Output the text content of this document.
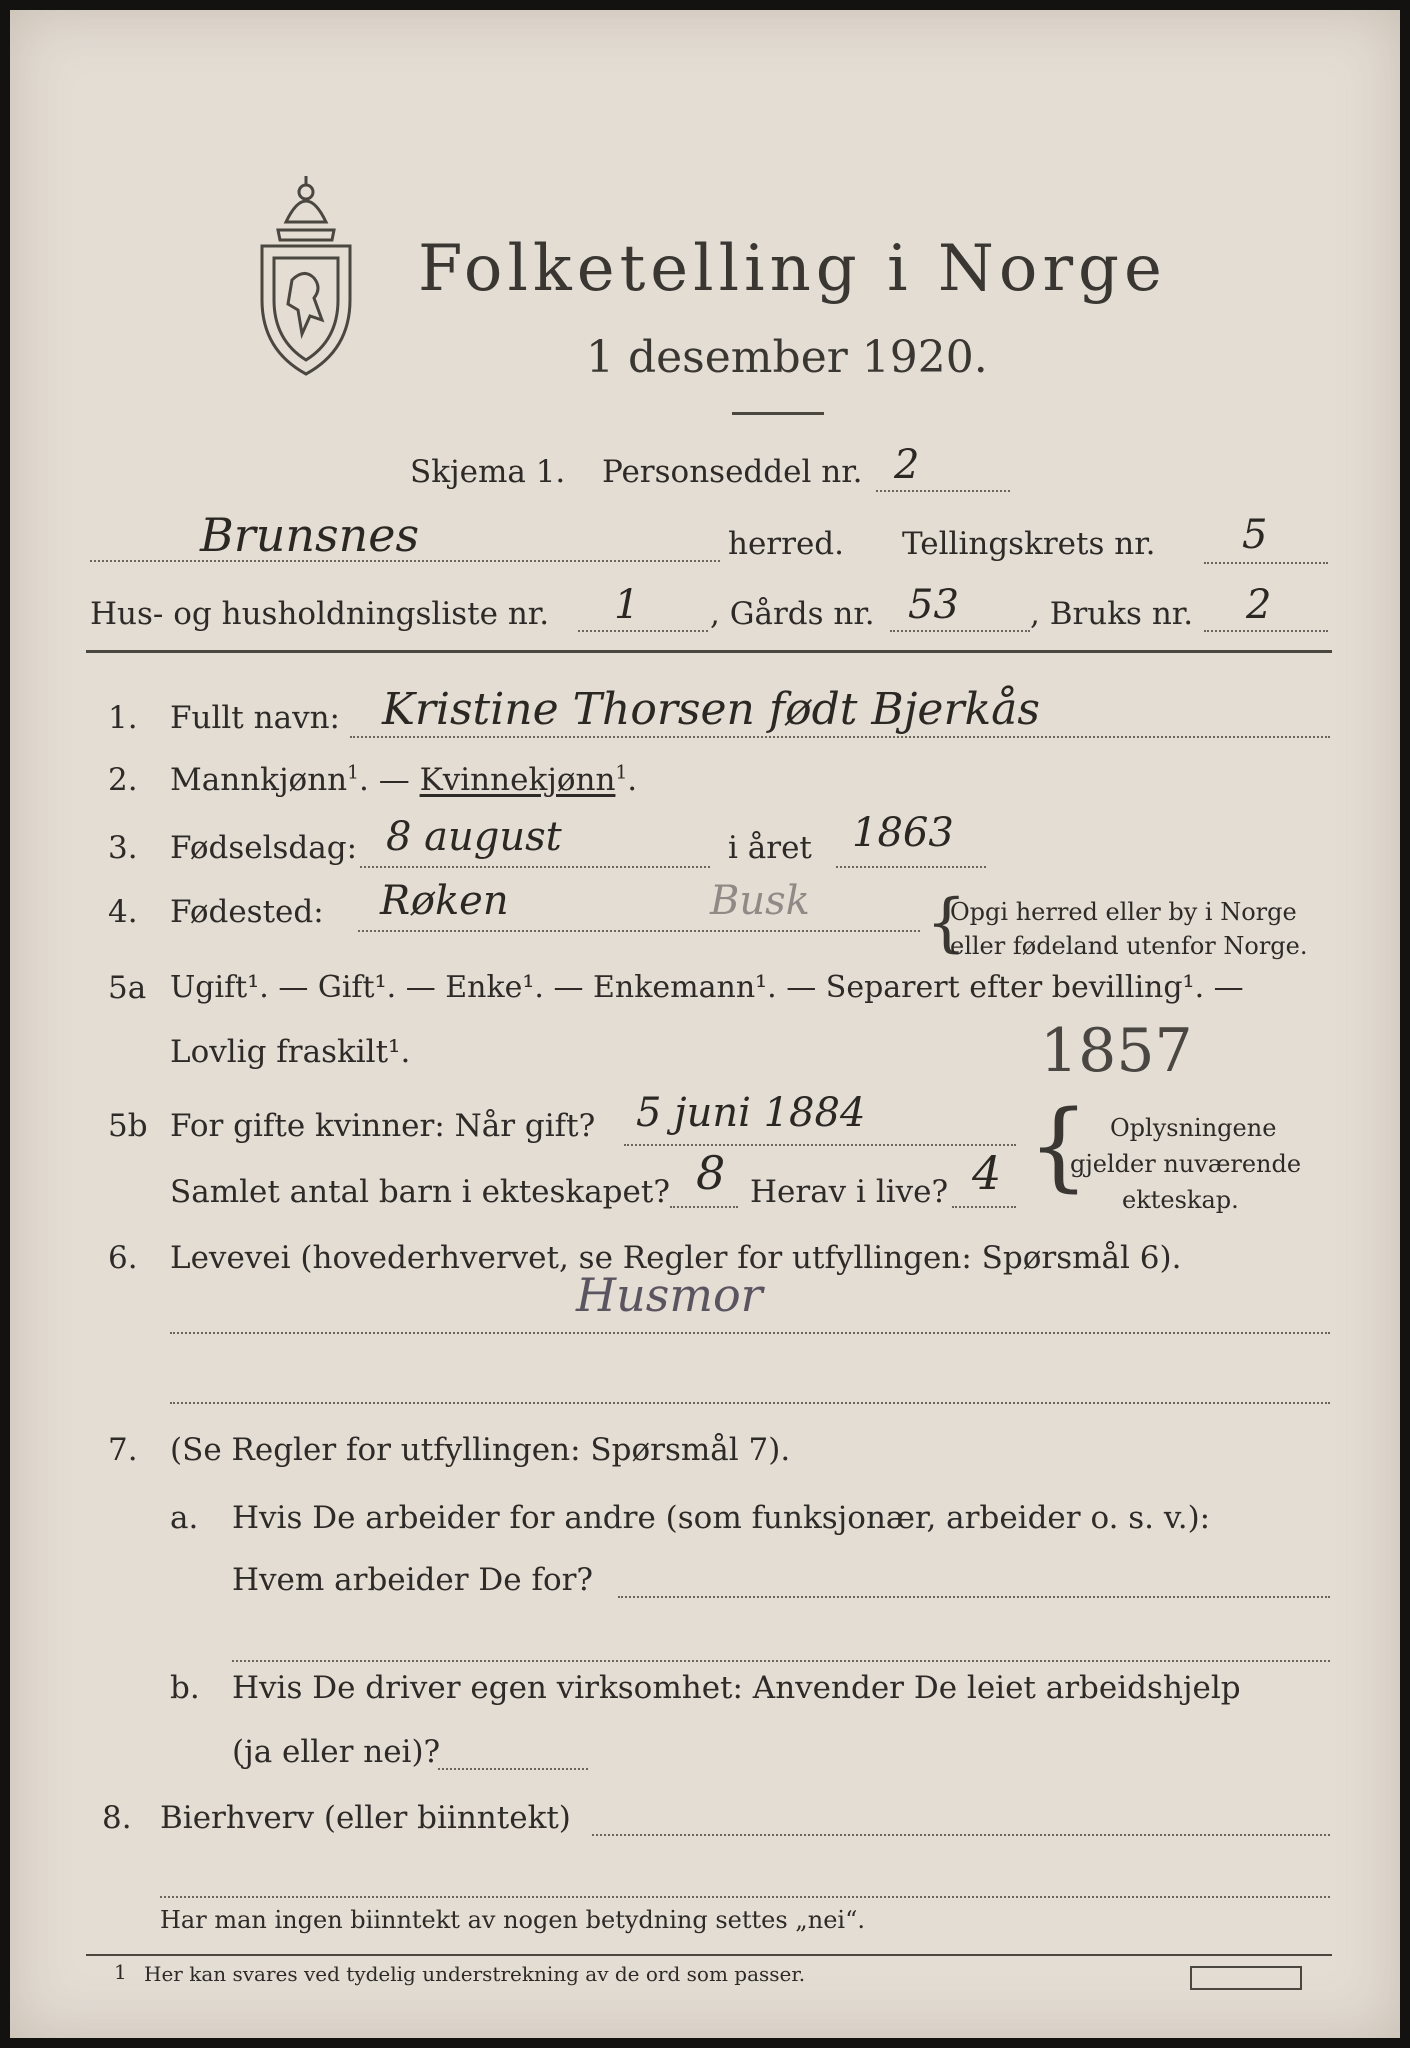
Folketelling i Norge
1 desember 1920.
Skjema 1. Personseddel nr. 2
Brunsnes	herred. Tellingskrets nr. 5
Hus- og husholdningsliste nr. 1 , Gårds nr. 53 , Bruks nr. 2
1. Fullt navn: Kristine Thorsen født Bjerkås
2. Mannkjønn$^1$. — Kvinnekjønn$^1$.
3. Fødselsdag: 8 august	i året 1863
4. Fødested: Røken	Busk {
Opgi herred eller by i Norge
eller fødeland utenfor Norge.
5a Ugift¹. — Gift¹. — Enke¹. — Enkemann¹. — Separert efter bevilling¹. —
Lovlig fraskilt¹.	1857
5b For gifte kvinner: Når gift? 5 juni 1884
Samlet antal barn i ekteskapet? 8 Herav i live? 4 { Oplysningene
gjelder nuværende
ekteskap.
6. Levevei (hovederhvervet, se Regler for utfyllingen: Spørsmål 6).
Husmor
7. (Se Regler for utfyllingen: Spørsmål 7).
a. Hvis De arbeider for andre (som funksjonær, arbeider o. s. v.):
Hvem arbeider De for?
b. Hvis De driver egen virksomhet: Anvender De leiet arbeidshjelp
(ja eller nei)?
8. Bierhverv (eller biinntekt)
Har man ingen biinntekt av nogen betydning settes „nei“.
1 Her kan svares ved tydelig understrekning av de ord som passer.
